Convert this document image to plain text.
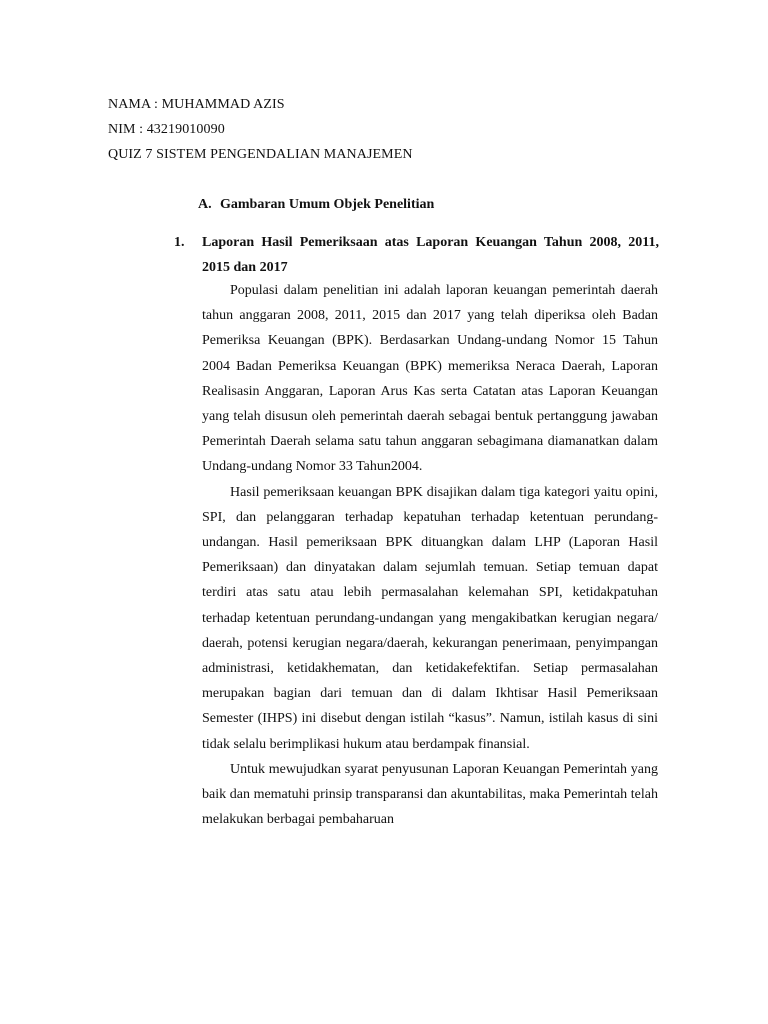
NAMA : MUHAMMAD AZIS
NIM : 43219010090
QUIZ 7 SISTEM PENGENDALIAN MANAJEMEN
A. Gambaran Umum Objek Penelitian
1. Laporan Hasil Pemeriksaan atas Laporan Keuangan Tahun 2008, 2011, 2015 dan 2017

Populasi dalam penelitian ini adalah laporan keuangan pemerintah daerah tahun anggaran 2008, 2011, 2015 dan 2017 yang telah diperiksa oleh Badan Pemeriksa Keuangan (BPK). Berdasarkan Undang-undang Nomor 15 Tahun 2004 Badan Pemeriksa Keuangan (BPK) memeriksa Neraca Daerah, Laporan Realisasin Anggaran, Laporan Arus Kas serta Catatan atas Laporan Keuangan yang telah disusun oleh pemerintah daerah sebagai bentuk pertanggung jawaban Pemerintah Daerah selama satu tahun anggaran sebagimana diamanatkan dalam Undang-undang Nomor 33 Tahun2004.

Hasil pemeriksaan keuangan BPK disajikan dalam tiga kategori yaitu opini, SPI, dan pelanggaran terhadap kepatuhan terhadap ketentuan perundang-undangan. Hasil pemeriksaan BPK dituangkan dalam LHP (Laporan Hasil Pemeriksaan) dan dinyatakan dalam sejumlah temuan. Setiap temuan dapat terdiri atas satu atau lebih permasalahan kelemahan SPI, ketidakpatuhan terhadap ketentuan perundang-undangan yang mengakibatkan kerugian negara/ daerah, potensi kerugian negara/daerah, kekurangan penerimaan, penyimpangan administrasi, ketidakhematan, dan ketidakefektifan. Setiap permasalahan merupakan bagian dari temuan dan di dalam Ikhtisar Hasil Pemeriksaan Semester (IHPS) ini disebut dengan istilah “kasus”. Namun, istilah kasus di sini tidak selalu berimplikasi hukum atau berdampak finansial.

Untuk mewujudkan syarat penyusunan Laporan Keuangan Pemerintah yang baik dan mematuhi prinsip transparansi dan akuntabilitas, maka Pemerintah telah melakukan berbagai pembaharuan
